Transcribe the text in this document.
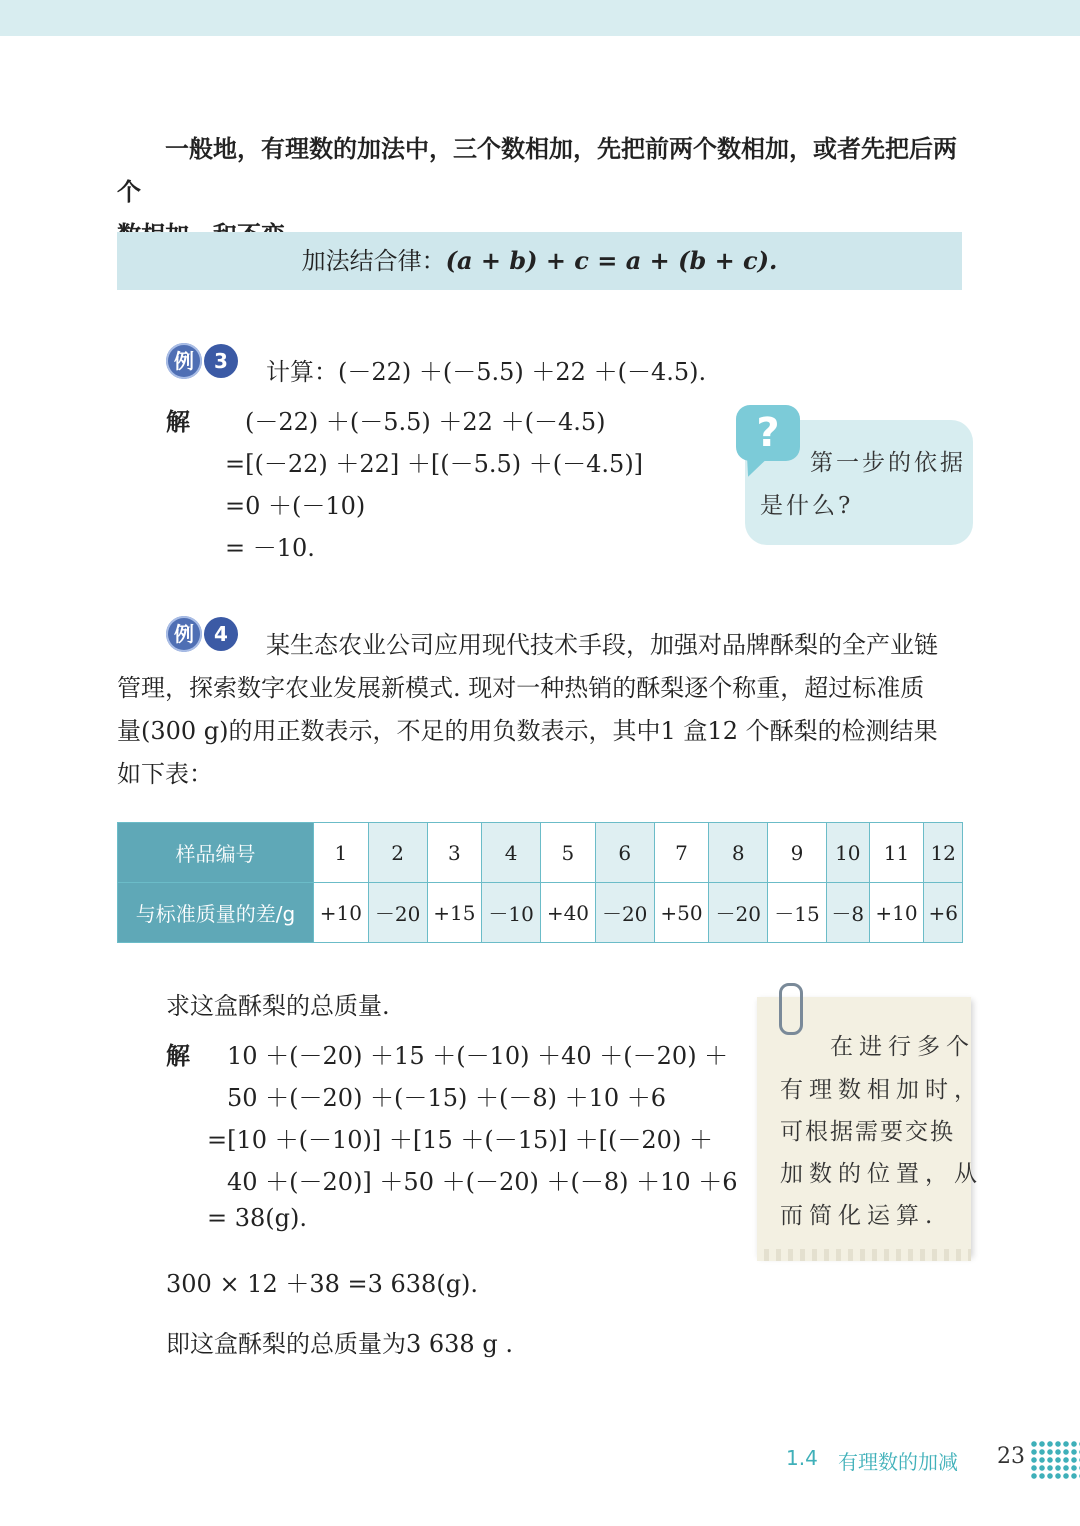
一般地，有理数的加法中，三个数相加，先把前两个数相加，或者先把后两个
加法结合律：(a + b) + c = a + (b + c).
例	3	计算：(－22) ＋(－5.5) ＋22 ＋(－4.5).
解 (－22) ＋(－5.5) ＋22 ＋(－4.5)
=[(－22) ＋22] ＋[(－5.5) ＋(－4.5)]
=0 ＋(－10)
= －10.
?
第一步的依据
是什么?
例	4	某生态农业公司应用现代技术手段，加强对品牌酥梨的全产业链
管理，探索数字农业发展新模式. 现对一种热销的酥梨逐个称重，超过标准质
量(300 g)的用正数表示，不足的用负数表示，其中1 盒12 个酥梨的检测结果
如下表：
样品编号	1	2	3	4	5	6	7	8	9	10	11	12
与标准质量的差/g	+10	－20	+15	－10	+40	－20	+50	－20	－15	－8	+10	+6
求这盒酥梨的总质量.
解 10 ＋(－20) ＋15 ＋(－10) ＋40 ＋(－20) ＋
50 ＋(－20) ＋(－15) ＋(－8) ＋10 ＋6
=[10 ＋(－10)] ＋[15 ＋(－15)] ＋[(－20) ＋
40 ＋(－20)] ＋50 ＋(－20) ＋(－8) ＋10 ＋6
= 38(g).
300 × 12 ＋38 =3 638(g).
即这盒酥梨的总质量为3 638 g .
在进行多个
有理数相加时，
可根据需要交换
加数的位置，从
而简化运算.
1.4 有理数的加减 23
